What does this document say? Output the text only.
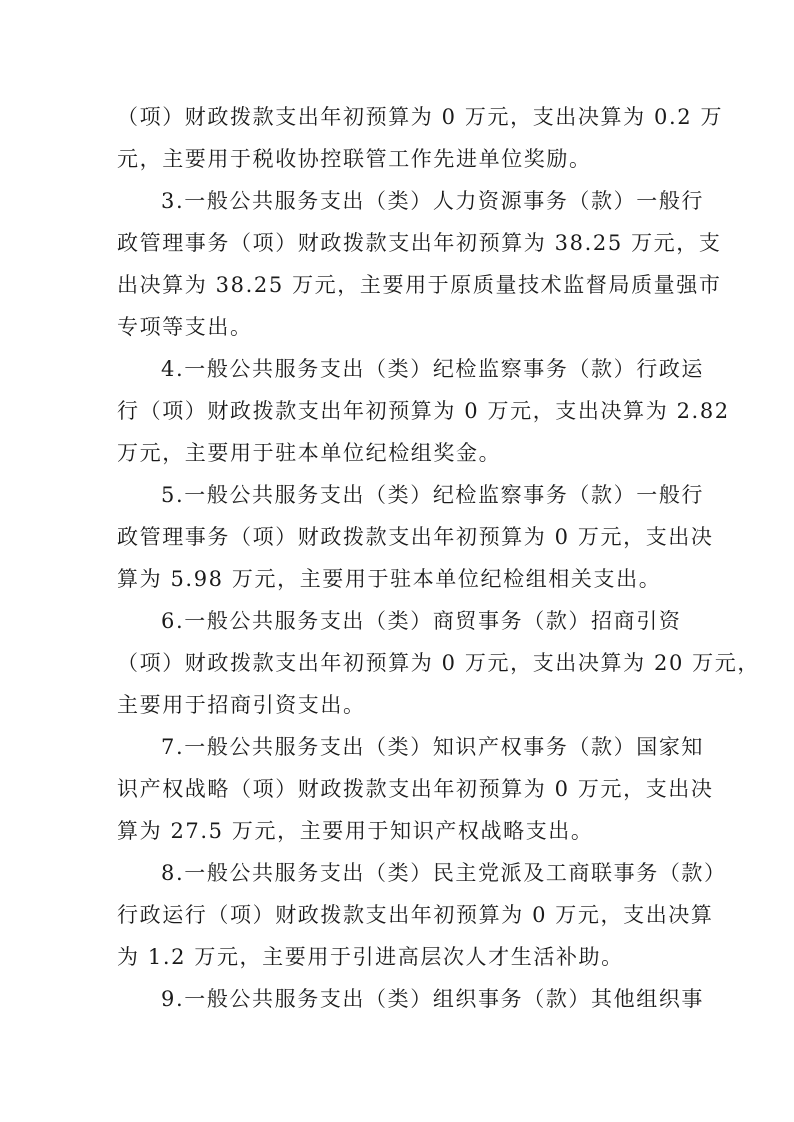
（项）财政拨款支出年初预算为 0 万元，支出决算为 0.2 万
元，主要用于税收协控联管工作先进单位奖励。
3.一般公共服务支出（类）人力资源事务（款）一般行
政管理事务（项）财政拨款支出年初预算为 38.25 万元，支
出决算为 38.25 万元，主要用于原质量技术监督局质量强市
专项等支出。
4.一般公共服务支出（类）纪检监察事务（款）行政运
行（项）财政拨款支出年初预算为 0 万元，支出决算为 2.82
万元，主要用于驻本单位纪检组奖金。
5.一般公共服务支出（类）纪检监察事务（款）一般行
政管理事务（项）财政拨款支出年初预算为 0 万元，支出决
算为 5.98 万元，主要用于驻本单位纪检组相关支出。
6.一般公共服务支出（类）商贸事务（款）招商引资
（项）财政拨款支出年初预算为 0 万元，支出决算为 20 万元，
主要用于招商引资支出。
7.一般公共服务支出（类）知识产权事务（款）国家知
识产权战略（项）财政拨款支出年初预算为 0 万元，支出决
算为 27.5 万元，主要用于知识产权战略支出。
8.一般公共服务支出（类）民主党派及工商联事务（款）
行政运行（项）财政拨款支出年初预算为 0 万元，支出决算
为 1.2 万元，主要用于引进高层次人才生活补助。
9.一般公共服务支出（类）组织事务（款）其他组织事
